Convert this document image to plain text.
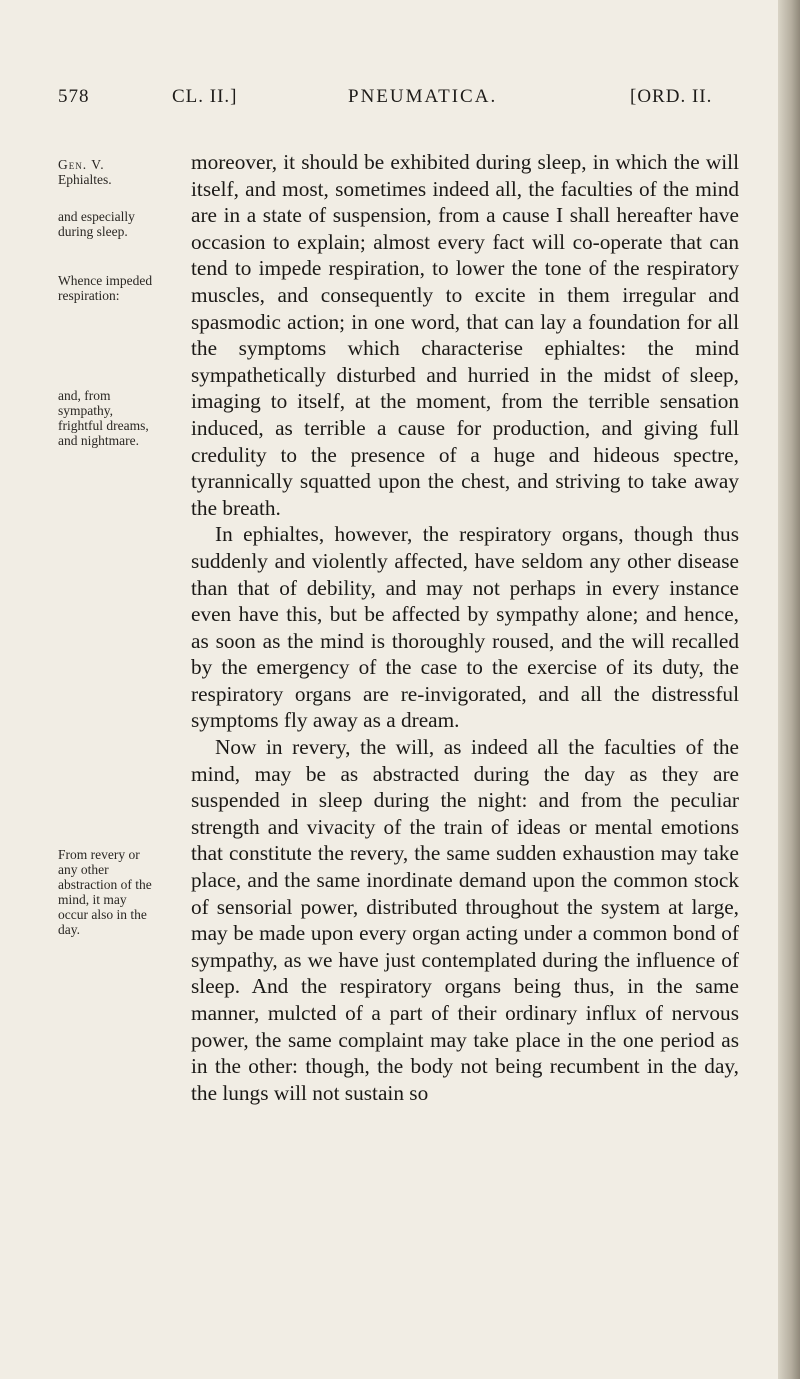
578	CL. II.]	PNEUMATICA.	[ORD. II.
Gen. V.
Ephialtes.
and especially during sleep.
Whence impeded respiration:
and, from sympathy, frightful dreams, and nightmare.
From revery or any other abstraction of the mind, it may occur also in the day.

moreover, it should be exhibited during sleep, in which the will itself, and most, sometimes indeed all, the faculties of the mind are in a state of suspension, from a cause I shall hereafter have occasion to explain; almost every fact will co-operate that can tend to impede respiration, to lower the tone of the respiratory muscles, and consequently to excite in them irregular and spasmodic action; in one word, that can lay a foundation for all the symptoms which characterise ephialtes: the mind sympathetically disturbed and hurried in the midst of sleep, imaging to itself, at the moment, from the terrible sensation induced, as terrible a cause for production, and giving full credulity to the presence of a huge and hideous spectre, tyrannically squatted upon the chest, and striving to take away the breath.

In ephialtes, however, the respiratory organs, though thus suddenly and violently affected, have seldom any other disease than that of debility, and may not perhaps in every instance even have this, but be affected by sympathy alone; and hence, as soon as the mind is thoroughly roused, and the will recalled by the emergency of the case to the exercise of its duty, the respiratory organs are re-invigorated, and all the distressful symptoms fly away as a dream.

Now in revery, the will, as indeed all the faculties of the mind, may be as abstracted during the day as they are suspended in sleep during the night: and from the peculiar strength and vivacity of the train of ideas or mental emotions that constitute the revery, the same sudden exhaustion may take place, and the same inordinate demand upon the common stock of sensorial power, distributed throughout the system at large, may be made upon every organ acting under a common bond of sympathy, as we have just contemplated during the influence of sleep. And the respiratory organs being thus, in the same manner, mulcted of a part of their ordinary influx of nervous power, the same complaint may take place in the one period as in the other: though, the body not being recumbent in the day, the lungs will not sustain so
